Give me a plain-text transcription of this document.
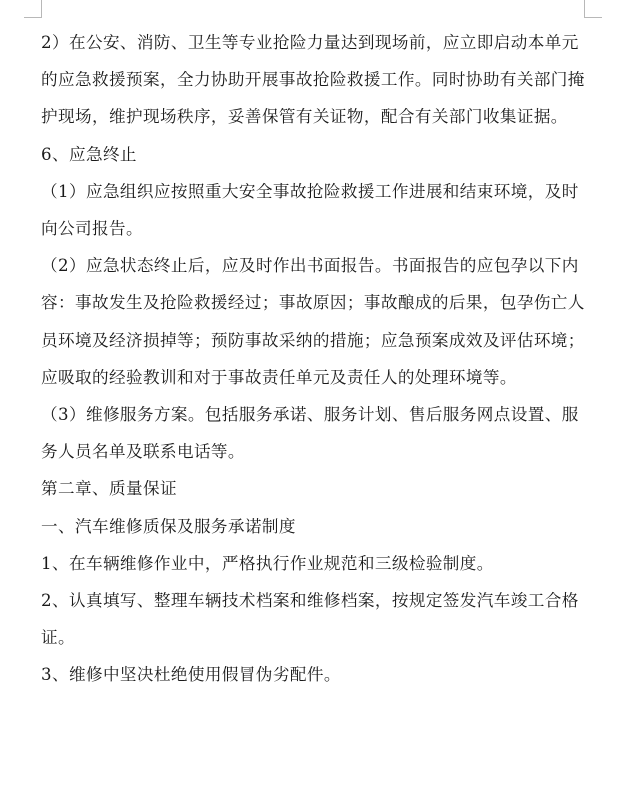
2）在公安、消防、卫生等专业抢险力量达到现场前，应立即启动本单元的应急救援预案，全力协助开展事故抢险救援工作。同时协助有关部门掩护现场，维护现场秩序，妥善保管有关证物，配合有关部门收集证据。

6、应急终止

（1）应急组织应按照重大安全事故抢险救援工作进展和结束环境，及时向公司报告。

（2）应急状态终止后，应及时作出书面报告。书面报告的应包孕以下内容：事故发生及抢险救援经过；事故原因；事故酿成的后果，包孕伤亡人员环境及经济损掉等；预防事故采纳的措施；应急预案成效及评估环境；应吸取的经验教训和对于事故责任单元及责任人的处理环境等。

（3）维修服务方案。包括服务承诺、服务计划、售后服务网点设置、服务人员名单及联系电话等。

第二章、质量保证

一、汽车维修质保及服务承诺制度

1、在车辆维修作业中，严格执行作业规范和三级检验制度。

2、认真填写、整理车辆技术档案和维修档案，按规定签发汽车竣工合格证。

3、维修中坚决杜绝使用假冒伪劣配件。
